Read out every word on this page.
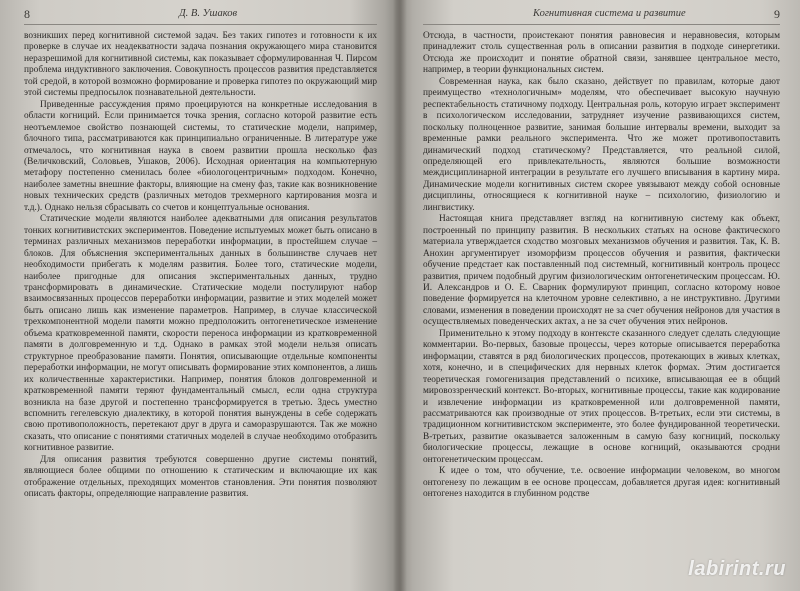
8	Д. В. Ушаков

возникших перед когнитивной системой задач. Без таких гипотез и готовности к их проверке в случае их неадекватности задача познания окружающего мира становится неразрешимой для когнитивной системы, как показывает сформулированная Ч. Пирсом проблема индуктивного заключения. Совокупность процессов развития представляется той средой, в которой возможно формирование и проверка гипотез по окружающий мир этой системы предпосылок познавательной деятельности.

Приведенные рассуждения прямо проецируются на конкретные исследования в области когниций. Если принимается точка зрения, согласно которой развитие есть неотъемлемое свойство познающей системы, то статические модели, например, блочного типа, рассматриваются как принципиально ограниченные. В литературе уже отмечалось, что когнитивная наука в своем развитии прошла несколько фаз (Величковский, Соловьев, Ушаков, 2006). Исходная ориентация на компьютерную метафору постепенно сменилась более «биологоцентричным» подходом. Конечно, наиболее заметны внешние факторы, влияющие на смену фаз, такие как возникновение новых технических средств (различных методов трехмерного картирования мозга и т.д.). Однако нельзя сбрасывать со счетов и концептуальные основания.

Статические модели являются наиболее адекватными для описания результатов тонких когнитивистских экспериментов. Поведение испытуемых может быть описано в терминах различных механизмов переработки информации, в простейшем случае – блоков. Для объяснения экспериментальных данных в большинстве случаев нет необходимости прибегать к моделям развития. Более того, статические модели, наиболее пригодные для описания экспериментальных данных, трудно трансформировать в динамические. Статические модели постулируют набор взаимосвязанных процессов переработки информации, развитие и этих моделей может быть описано лишь как изменение параметров. Например, в случае классической трехкомпонентной модели памяти можно предположить онтогенетическое изменение объема кратковременной памяти, скорости переноса информации из кратковременной памяти в долговременную и т.д. Однако в рамках этой модели нельзя описать структурное преобразование памяти. Понятия, описывающие отдельные компоненты переработки информации, не могут описывать формирование этих компонентов, а лишь их количественные характеристики. Например, понятия блоков долговременной и кратковременной памяти теряют фундаментальный смысл, если одна структура возникла на базе другой и постепенно трансформируется в третью. Здесь уместно вспомнить гегелевскую диалектику, в которой понятия вынуждены в себе содержать свою противоположность, перетекают друг в друга и саморазрушаются. Так же можно сказать, что описание с понятиями статичных моделей в случае необходимо отобразить когнитивное развитие.

Для описания развития требуются совершенно другие системы понятий, являющиеся более общими по отношению к статическим и включающие их как отображение отдельных, преходящих моментов становления. Эти понятия позволяют описать факторы, определяющие направление развития.

Когнитивная система и развитие	9

Отсюда, в частности, проистекают понятия равновесия и неравновесия, которым принадлежит столь существенная роль в описании развития в подходе синергетики. Отсюда же происходит и понятие обратной связи, занявшее центральное место, например, в теории функциональных систем.

Современная наука, как было сказано, действует по правилам, которые дают преимущество «технологичным» моделям, что обеспечивает высокую научную респектабельность статичному подходу. Центральная роль, которую играет эксперимент в психологическом исследовании, затрудняет изучение развивающихся систем, поскольку полноценное развитие, занимая большие интервалы времени, выходит за временные рамки реального эксперимента. Что же может противопоставить динамический подход статическому? Представляется, что реальной силой, определяющей его привлекательность, являются большие возможности междисциплинарной интеграции в результате его лучшего вписывания в картину мира. Динамические модели когнитивных систем скорее увязывают между собой основные дисциплины, относящиеся к когнитивной науке – психологию, физиологию и лингвистику.

Настоящая книга представляет взгляд на когнитивную систему как объект, построенный по принципу развития. В нескольких статьях на основе фактического материала утверждается сходство мозговых механизмов обучения и развития. Так, К. В. Анохин аргументирует изоморфизм процессов обучения и развития, фактически обучение предстает как поставленный под системный, когнитивный контроль процесс развития, причем подобный другим физиологическим онтогенетическим процессам. Ю. И. Александров и О. Е. Сварник формулируют принцип, согласно которому новое поведение формируется на клеточном уровне селективно, а не инструктивно. Другими словами, изменения в поведении происходят не за счет обучения нейронов для участия в осуществляемых поведенческих актах, а не за счет обучения этих нейронов.

Применительно к этому подходу в контексте сказанного следует сделать следующие комментарии. Во-первых, базовые процессы, через которые описывается переработка информации, ставятся в ряд биологических процессов, протекающих в живых клетках, хотя, конечно, и в специфических для нервных клеток формах. Этим достигается теоретическая гомогенизация представлений о психике, вписывающая ее в общий мировоззренческий контекст. Во-вторых, когнитивные процессы, такие как кодирование и извлечение информации из кратковременной или долговременной памяти, рассматриваются как производные от этих процессов. В-третьих, если эти системы, в традиционном когнитивистском эксперименте, это более фундированной теоретически. В-третьих, развитие оказывается заложенным в самую базу когниций, поскольку биологические процессы, лежащие в основе когниций, оказываются сродни онтогенетическим процессам.

К идее о том, что обучение, т.е. освоение информации человеком, во многом онтогенезу по лежащим в ее основе процессам, добавляется другая идея: когнитивный онтогенез находится в глубинном родстве

labirint.ru
